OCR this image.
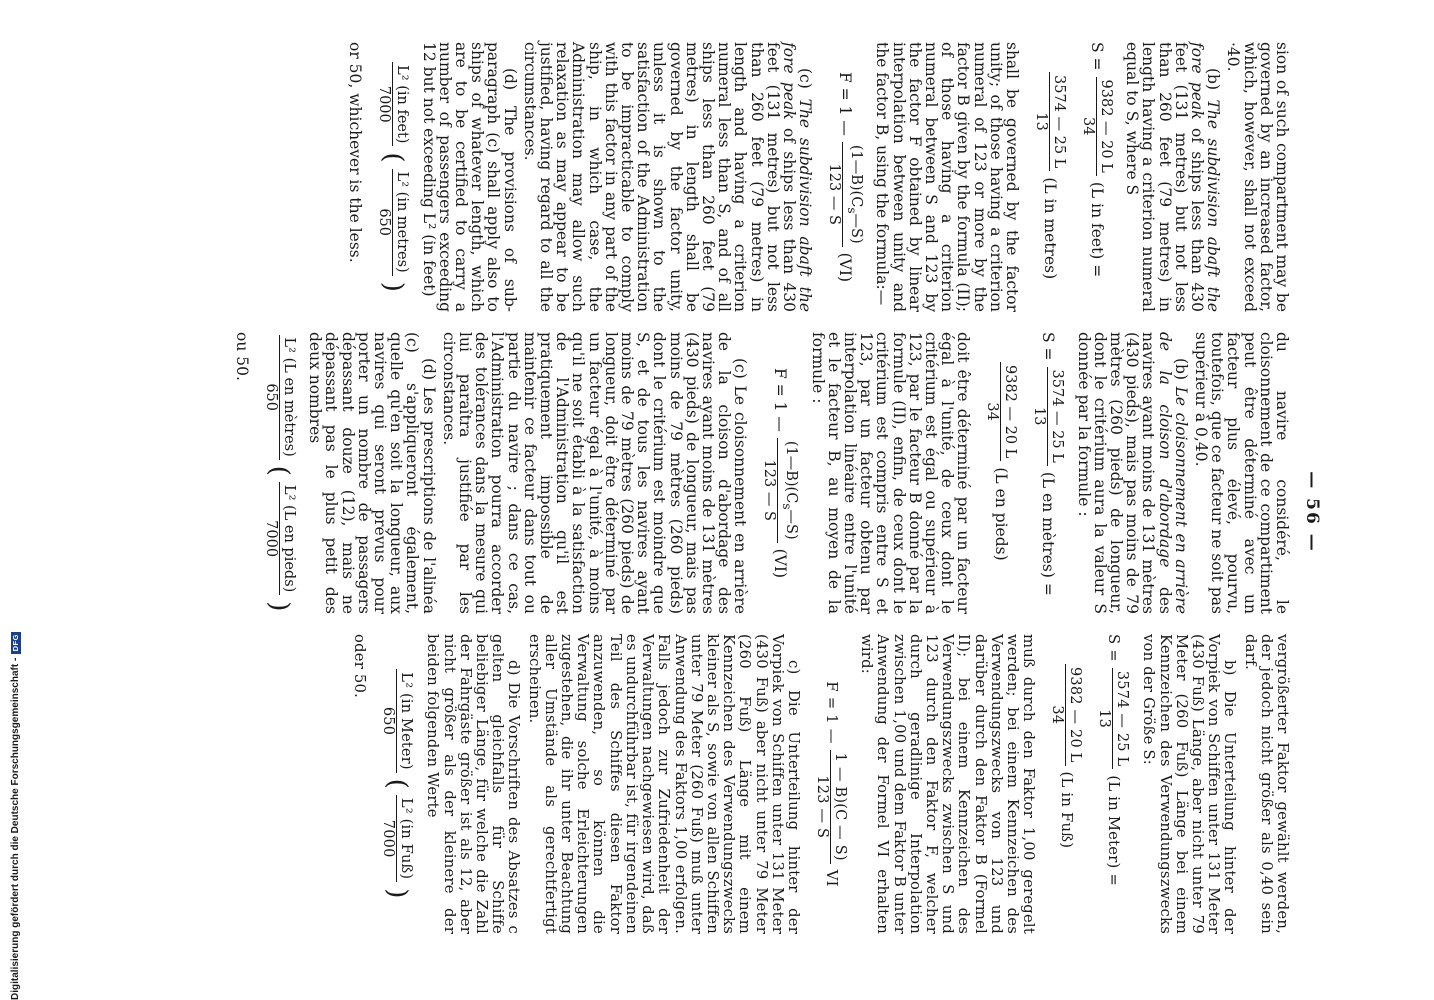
— 56 —

sion of such compartment may be governed by an increased factor, which, however, shall not exceed ·40.

(b) The subdivision abaft the fore peak of ships less than 430 feet (131 metres) but not less than 260 feet (79 metres) in length having a criterion numeral equal to S, where S

S =
9382 — 20 L
34
(L in feet) =
3574 — 25 L
13
(L in metres)

shall be governed by the factor unity; of those having a criterion numeral of 123 or more by the factor B given by the formula (II); of those having a criterion numeral between S and 123 by the factor F obtained by linear interpolation between unity and the factor B, using the formula:—

F = 1 —
$(1—B)(C_s—S)$
123 — S
(VI)

(c) The subdivision abaft the fore peak of ships less than 430 feet (131 metres) but not less than 260 feet (79 metres) in length and having a criterion numeral less than S, and of all ships less than 260 feet (79 metres) in length shall be governed by the factor unity, unless it is shown to the satisfaction of the Administration to be impracticable to comply with this factor in any part of the ship, in which case, the Administration may allow such relaxation as may appear to be justified, having regard to all the circumstances.

(d) The provisions of sub-paragraph (c) shall apply also to ships of whatever length, which are to be certified to carry a number of passengers exceeding 12 but not exceeding L² (in feet)

L² (in feet)
7000
(
L² (in metres)
650
)

or 50, whichever is the less.

du navire considéré, le cloisonnement de ce compartiment peut être déterminé avec un facteur plus élevé, pourvu, toutefois, que ce facteur ne soit pas supérieur à 0,40.

(b) Le cloisonnement en arrière de la cloison d'abordage des navires ayant moins de 131 mètres (430 pieds), mais pas moins de 79 mètres (260 pieds) de longueur, dont le critérium aura la valeur S donnée par la formule :

S =
3574 — 25 L
13
(L en mètres) =
9382 — 20 L
34
(L en pieds)

doit être déterminé par un facteur égal à l'unité, de ceux dont le critérium est égal ou supérieur à 123, par le facteur B donné par la formule (II), enfin, de ceux dont le critérium est compris entre S et 123, par un facteur obtenu par interpolation linéaire entre l'unité et le facteur B, au moyen de la formule :

F = 1 —
$(1—B)(C_s—S)$
123 — S
(VI)

(c) Le cloisonnement en arrière de la cloison d'abordage des navires ayant moins de 131 mètres (430 pieds) de longueur, mais pas moins de 79 mètres (260 pieds) dont le critérium est moindre que S, et de tous les navires ayant moins de 79 mètres (260 pieds) de longueur, doit être déterminé par un facteur égal à l'unité, à moins qu'il ne soit établi à la satisfaction de l'Administration qu'il est pratiquement impossible de maintenir ce facteur dans tout ou partie du navire ; dans ce cas, l'Administration pourra accorder des tolérances dans la mesure qui lui paraîtra justifiée par les circonstances.

(d) Les prescriptions de l'alinéa (c) s'appliqueront également, quelle qu'en soit la longueur, aux navires qui seront prévus pour porter un nombre de passagers dépassant douze (12), mais ne dépassant pas le plus petit des deux nombres

L² (L en mètres)
650
(
L² (L en pieds)
7000
)

ou 50.

vergrößerter Faktor gewählt werden, der jedoch nicht größer als 0,40 sein darf.

b) Die Unterteilung hinter der Vorpiek von Schiffen unter 131 Meter (430 Fuß) Länge, aber nicht unter 79 Meter (260 Fuß) Länge bei einem Kennzeichen des Verwendungszwecks von der Größe S:

S =
3574 — 25 L
13
(L in Meter) =
9382 — 20 L
34
(L in Fuß)

muß durch den Faktor 1,00 geregelt werden; bei einem Kennzeichen des Verwendungszwecks von 123 und darüber durch den Faktor B (Formel II); bei einem Kennzeichen des Verwendungszwecks zwischen S und 123 durch den Faktor F, welcher durch geradlinige Interpolation zwischen 1,00 und dem Faktor B unter Anwendung der Formel VI erhalten wird:

F = 1 —
1 — B)(C — S)
123 — S
VI

c) Die Unterteilung hinter der Vorpiek von Schiffen unter 131 Meter (430 Fuß) aber nicht unter 79 Meter (260 Fuß) Länge mit einem Kennzeichen des Verwendungszwecks kleiner als S, sowie von allen Schiffen unter 79 Meter (260 Fuß) muß unter Anwendung des Faktors 1,00 erfolgen. Falls jedoch zur Zufriedenheit der Verwaltungen nachgewiesen wird, daß es undurchführbar ist, für irgendeinen Teil des Schiffes diesen Faktor anzuwenden, so können die Verwaltung solche Erleichterungen zugestehen, die ihr unter Beachtung aller Umstände als gerechtfertigt erscheinen.

d) Die Vorschriften des Absatzes c gelten gleichfalls für Schiffe beliebiger Länge, für welche die Zahl der Fahrgäste größer ist als 12, aber nicht größer als der kleinere der beiden folgenden Werte

L² (in Meter)
650
(
L² (in Fuß)
7000
)

oder 50.

Digitalisierung gefördert durch die Deutsche Forschungsgemeinschaft -
DFG
